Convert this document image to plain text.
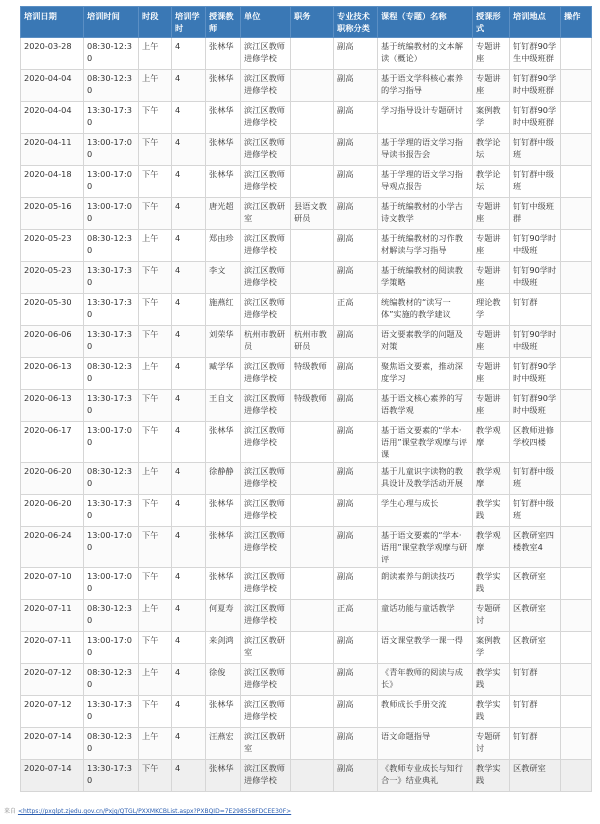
培训日期	培训时间	时段	培训学时	授课教师	单位	职务	专业技术职称分类	课程（专题）名称	授课形式	培训地点	操作
2020-03-28	08:30-12:30	上午	4	张林华	滨江区教师进修学校		副高	基于统编教材的文本解读（概论）	专题讲座	钉钉群90学生中级班群	
2020-04-04	08:30-12:30	上午	4	张林华	滨江区教师进修学校		副高	基于语文学科核心素养的学习指导	专题讲座	钉钉群90学时中级班群	
2020-04-04	13:30-17:30	下午	4	张林华	滨江区教师进修学校		副高	学习指导设计专题研讨	案例教学	钉钉群90学时中级班群	
2020-04-11	13:00-17:00	下午	4	张林华	滨江区教师进修学校		副高	基于学理的语文学习指导读书报告会	教学论坛	钉钉群中级班	
2020-04-18	13:00-17:00	下午	4	张林华	滨江区教师进修学校		副高	基于学理的语文学习指导观点报告	教学论坛	钉钉群中级班	
2020-05-16	13:00-17:00	下午	4	唐光超	滨江区教研室	县语文教研员	副高	基于统编教材的小学古诗文教学	专题讲座	钉钉中级班群	
2020-05-23	08:30-12:30	上午	4	郑由珍	滨江区教师进修学校		副高	基于统编教材的习作教材解读与学习指导	专题讲座	钉钉90学时中级班	
2020-05-23	13:30-17:30	下午	4	李文	滨江区教师进修学校		副高	基于统编教材的阅读教学策略	专题讲座	钉钉90学时中级班	
2020-05-30	13:30-17:30	下午	4	施燕红	滨江区教师进修学校		正高	统编教材的“读写一体”实施的教学建议	理论教学	钉钉群	
2020-06-06	13:30-17:30	下午	4	刘荣华	杭州市教研员	杭州市教研员	副高	语文要素教学的问题及对策	专题讲座	钉钉90学时中级班	
2020-06-13	08:30-12:30	上午	4	臧学华	滨江区教师进修学校	特级教师	副高	聚焦语文要素，推动深度学习	专题讲座	钉钉群90学时中级班	
2020-06-13	13:30-17:30	下午	4	王自文	滨江区教师进修学校	特级教师	副高	基于语文核心素养的写语教学观	专题讲座	钉钉群90学时中级班	
2020-06-17	13:00-17:00	下午	4	张林华	滨江区教师进修学校		副高	基于语文要素的“学本·语用”课堂教学观摩与评课	教学观摩	区教师进修学校四楼	
2020-06-20	08:30-12:30	上午	4	徐静静	滨江区教师进修学校		副高	基于儿童识字读物的教具设计及教学活动开展	教学观摩	钉钉群中级班	
2020-06-20	13:30-17:30	下午	4	张林华	滨江区教师进修学校		副高	学生心理与成长	教学实践	钉钉群中级班	
2020-06-24	13:00-17:00	下午	4	张林华	滨江区教师进修学校		副高	基于语文要素的“学本·语用”课堂教学观摩与研评	教学观摩	区教研室四楼教室4	
2020-07-10	13:00-17:00	下午	4	张林华	滨江区教师进修学校		副高	朗读素养与朗读技巧	教学实践	区教研室	
2020-07-11	08:30-12:30	上午	4	何夏寿	滨江区教师进修学校		正高	童话功能与童话教学	专题研讨	区教研室	
2020-07-11	13:00-17:00	下午	4	来剑鸿	滨江区教研室		副高	语文课堂教学一课一得	案例教学	区教研室	
2020-07-12	08:30-12:30	上午	4	徐俊	滨江区教师进修学校		副高	《青年教师的阅读与成长》	教学实践	钉钉群	
2020-07-12	13:30-17:30	下午	4	张林华	滨江区教师进修学校		副高	教师成长手册交流	教学实践	钉钉群	
2020-07-14	08:30-12:30	上午	4	汪燕宏	滨江区教研室		副高	语文命题指导	专题研讨	钉钉群	
2020-07-14	13:30-17:30	下午	4	张林华	滨江区教师进修学校		副高	《教师专业成长与知行合一》结业典礼	教学实践	区教研室	
来自 <https://pxglpt.zjedu.gov.cn/Pxjg/QTGL/PXXMKCBList.aspx?PXBQID=7E298558FDCEE30F>
